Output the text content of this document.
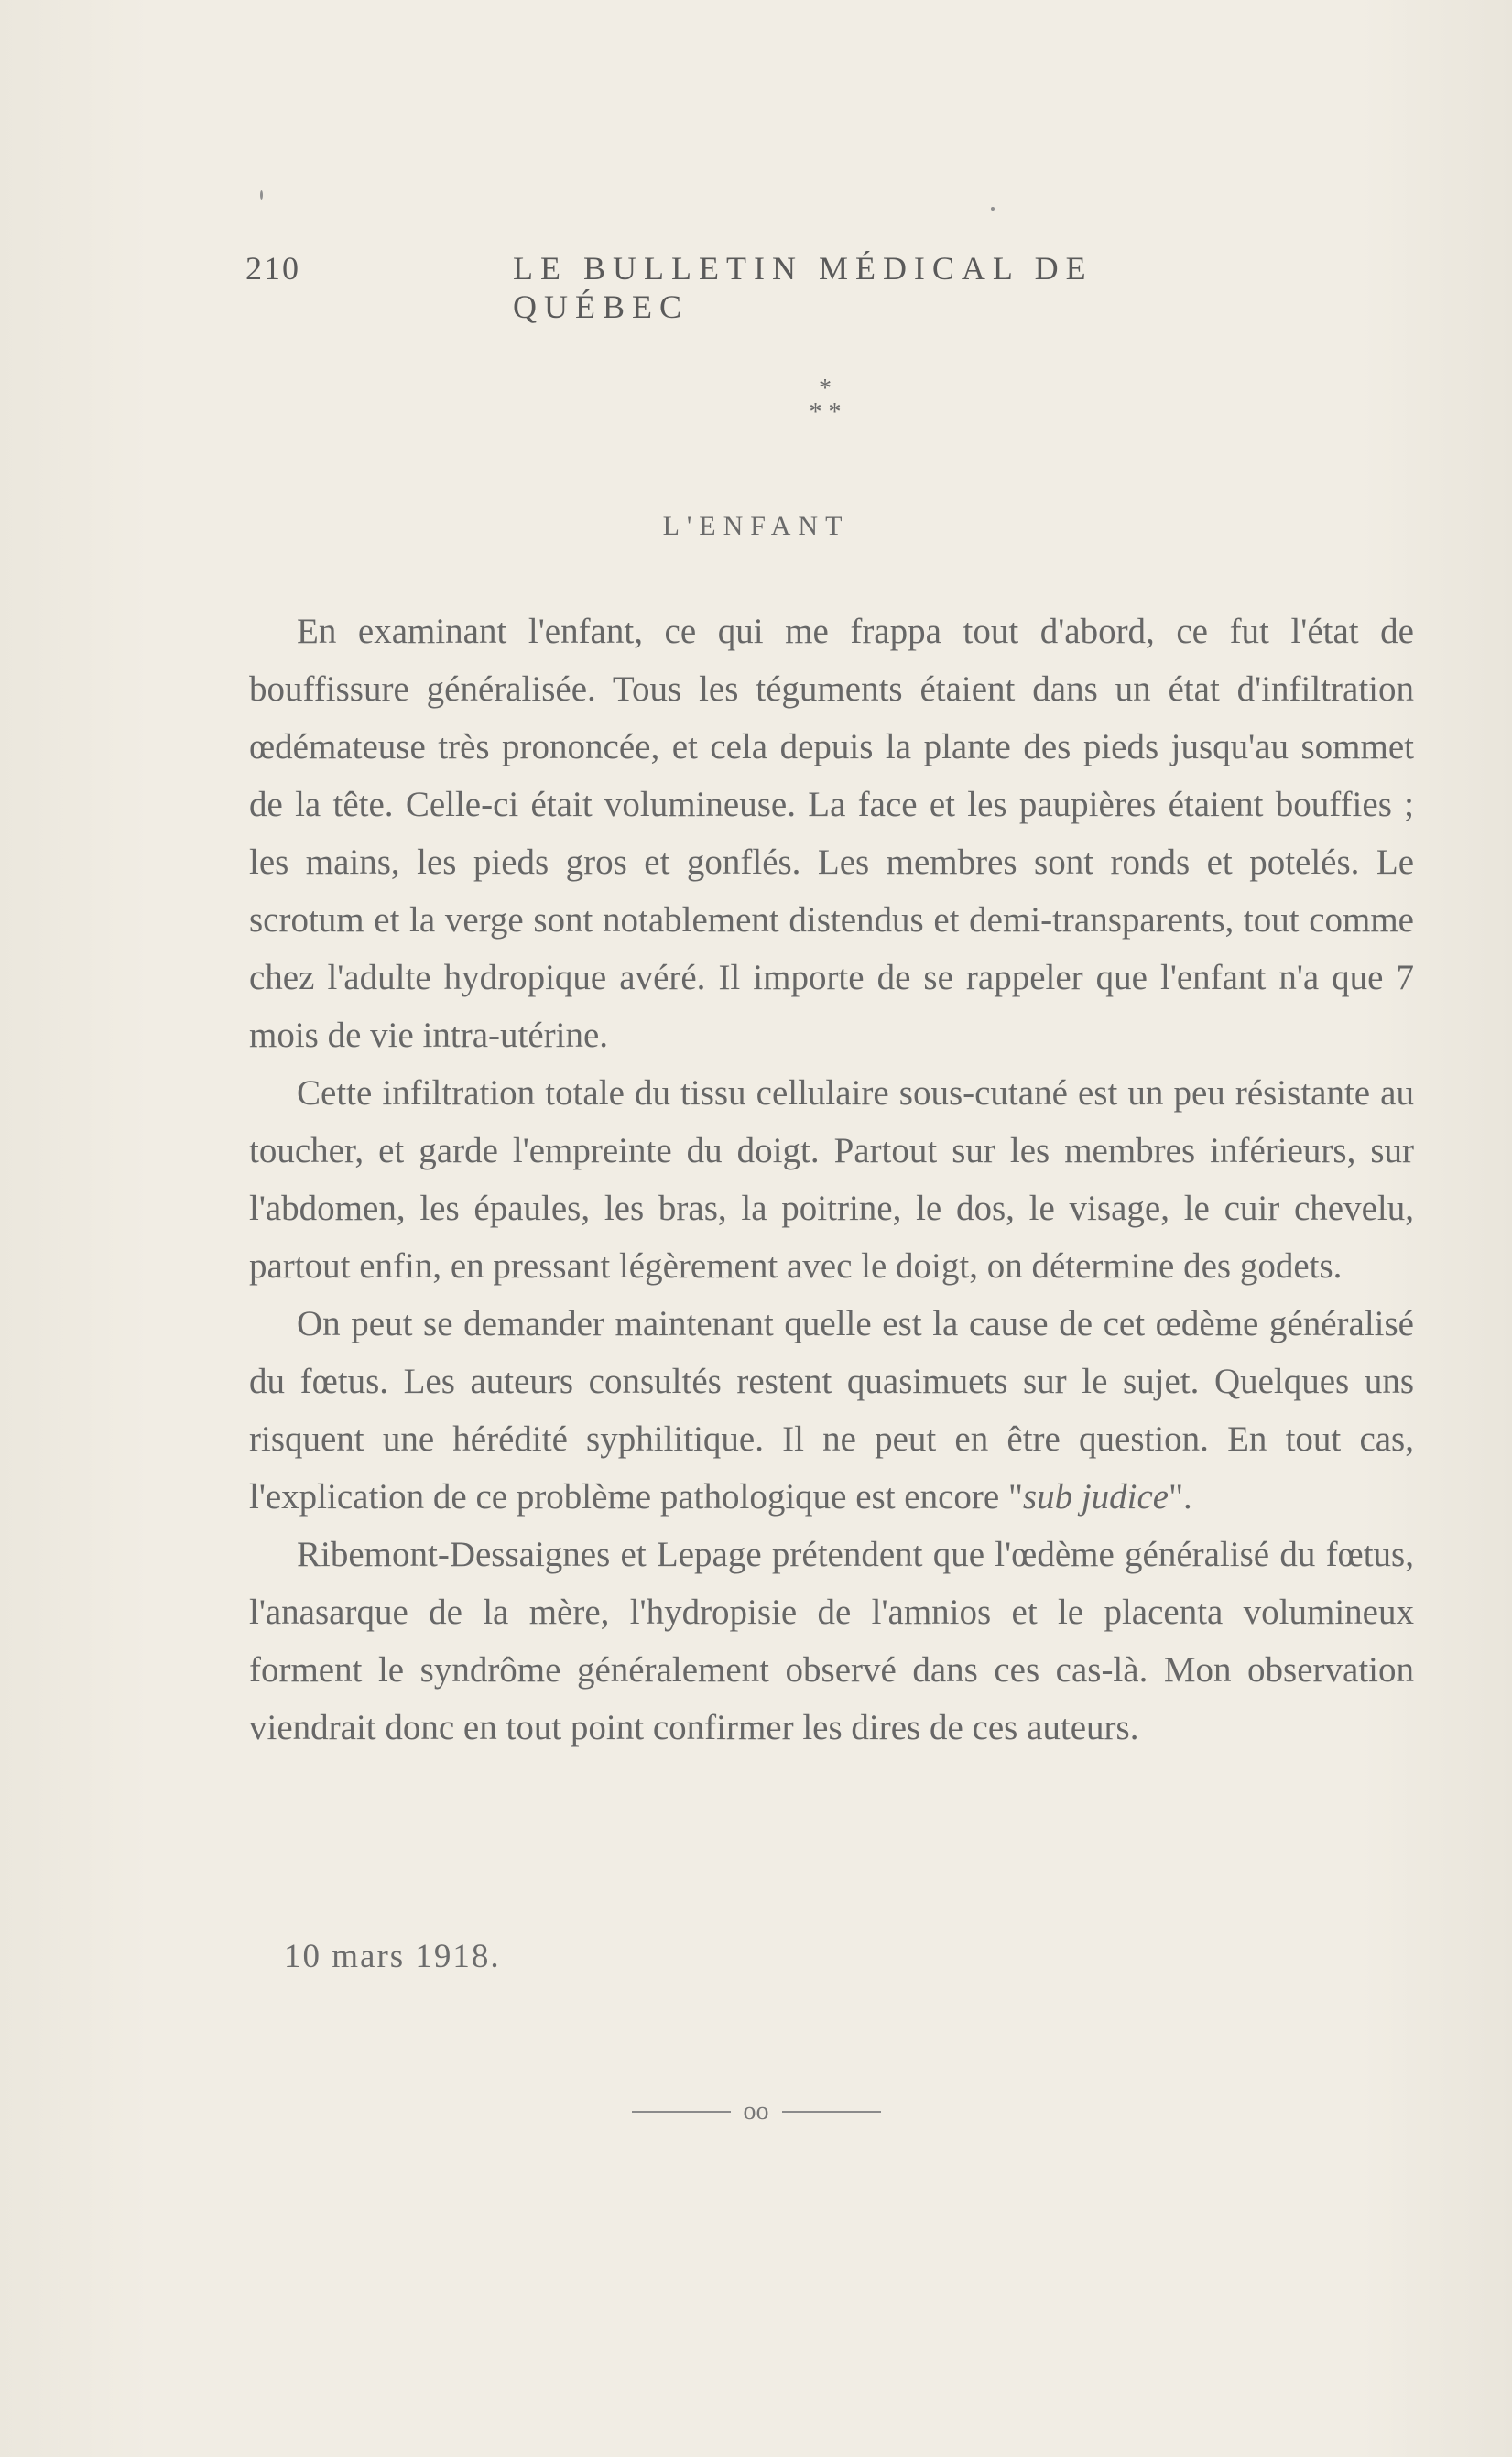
210	LE BULLETIN MÉDICAL DE QUÉBEC
*
* *
L'ENFANT

En examinant l'enfant, ce qui me frappa tout d'abord, ce fut l'état de bouffissure généralisée. Tous les téguments étaient dans un état d'infiltration œdémateuse très prononcée, et cela depuis la plante des pieds jusqu'au sommet de la tête. Celle-ci était volumineuse. La face et les paupières étaient bouffies ; les mains, les pieds gros et gonflés. Les membres sont ronds et potelés. Le scrotum et la verge sont notablement distendus et demi-transparents, tout comme chez l'adulte hydropique avéré. Il importe de se rappeler que l'enfant n'a que 7 mois de vie intra-utérine.

Cette infiltration totale du tissu cellulaire sous-cutané est un peu résistante au toucher, et garde l'empreinte du doigt. Partout sur les membres inférieurs, sur l'abdomen, les épaules, les bras, la poitrine, le dos, le visage, le cuir chevelu, partout enfin, en pressant légèrement avec le doigt, on détermine des godets.

On peut se demander maintenant quelle est la cause de cet œdème généralisé du fœtus. Les auteurs consultés restent quasimuets sur le sujet. Quelques uns risquent une hérédité syphilitique. Il ne peut en être question. En tout cas, l'explication de ce problème pathologique est encore "sub judice".

Ribemont-Dessaignes et Lepage prétendent que l'œdème généralisé du fœtus, l'anasarque de la mère, l'hydropisie de l'amnios et le placenta volumineux forment le syndrôme généralement observé dans ces cas-là. Mon observation viendrait donc en tout point confirmer les dires de ces auteurs.

10 mars 1918.
oo
